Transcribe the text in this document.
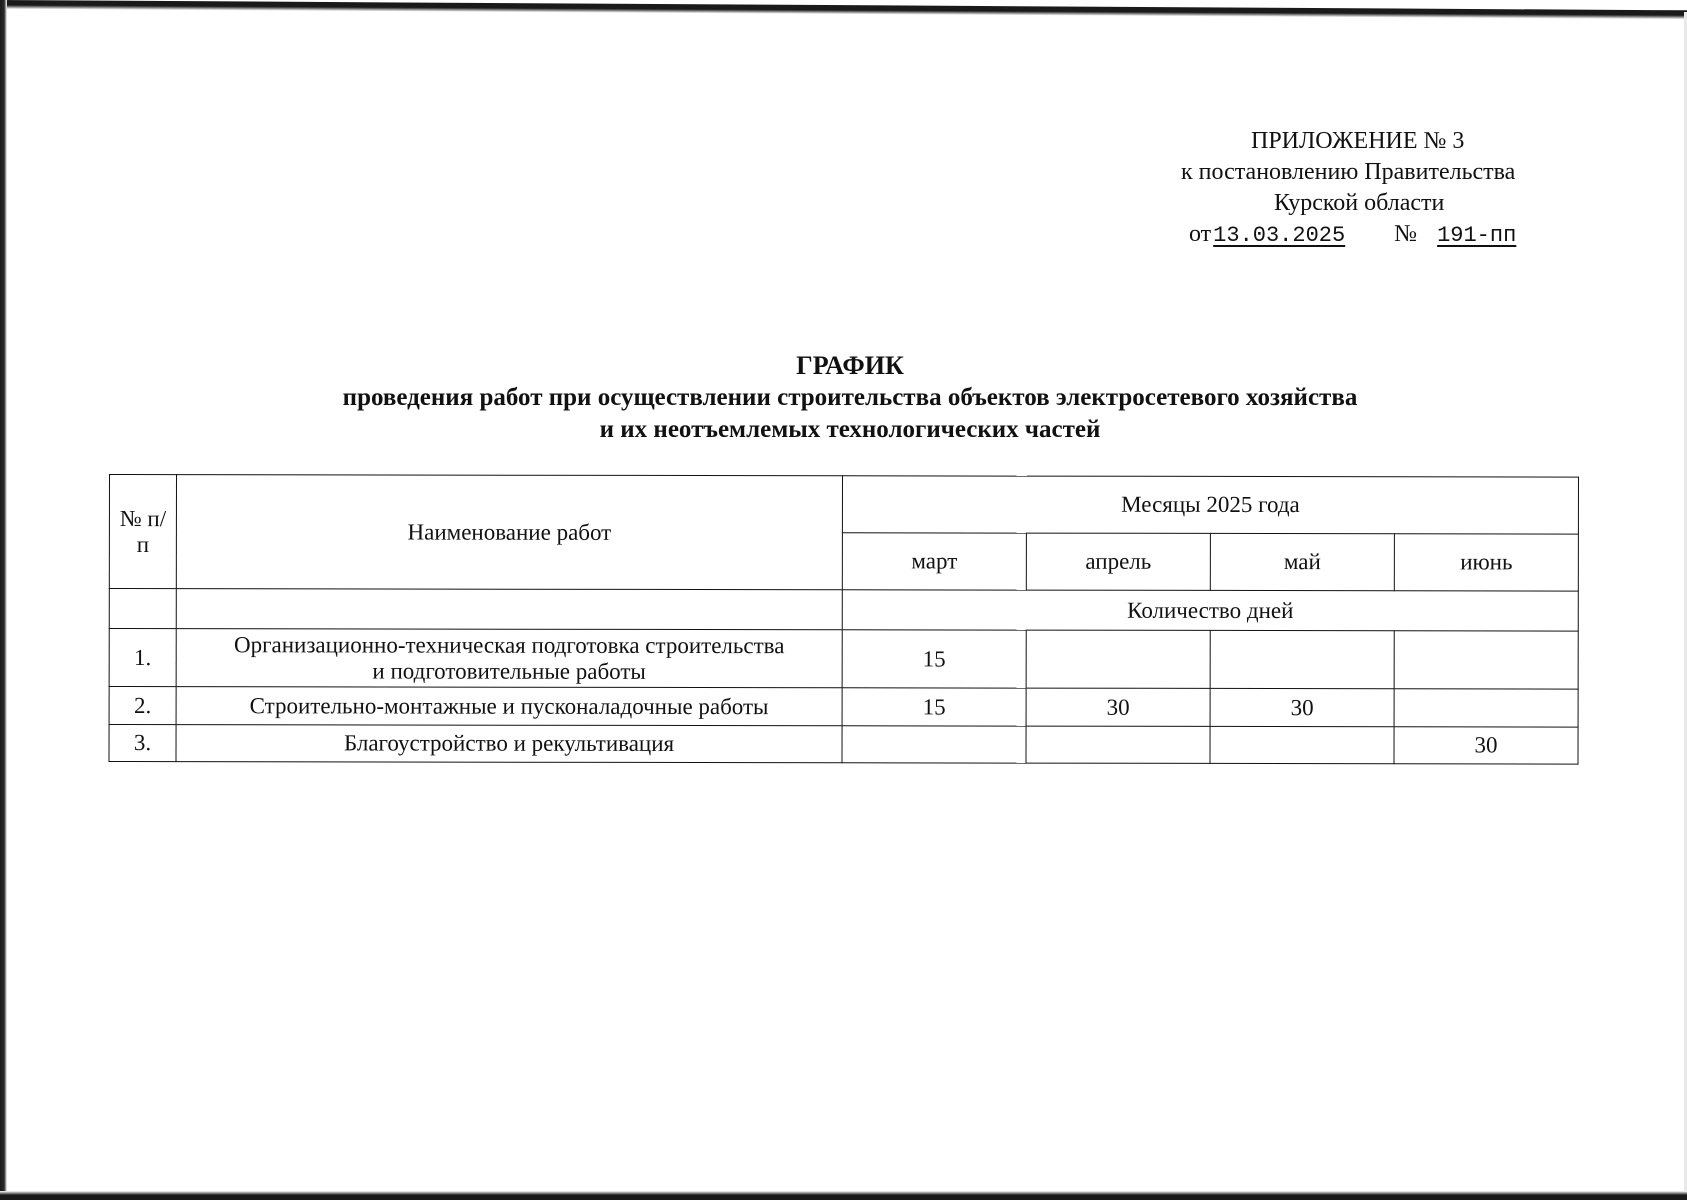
ПРИЛОЖЕНИЕ № 3
к постановлению Правительства
Курской области
от13.03.2025 № 191-пп
ГРАФИК
проведения работ при осуществлении строительства объектов электросетевого хозяйства
и их неотъемлемых технологических частей
№ п/п	Наименование работ	Месяцы 2025 года			
		март	апрель	май	июнь
		Количество дней			
1.	Организационно-техническая подготовка строительства
и подготовительные работы	15			
2.	Строительно-монтажные и пусконаладочные работы	15	30	30	
3.	Благоустройство и рекультивация				30
